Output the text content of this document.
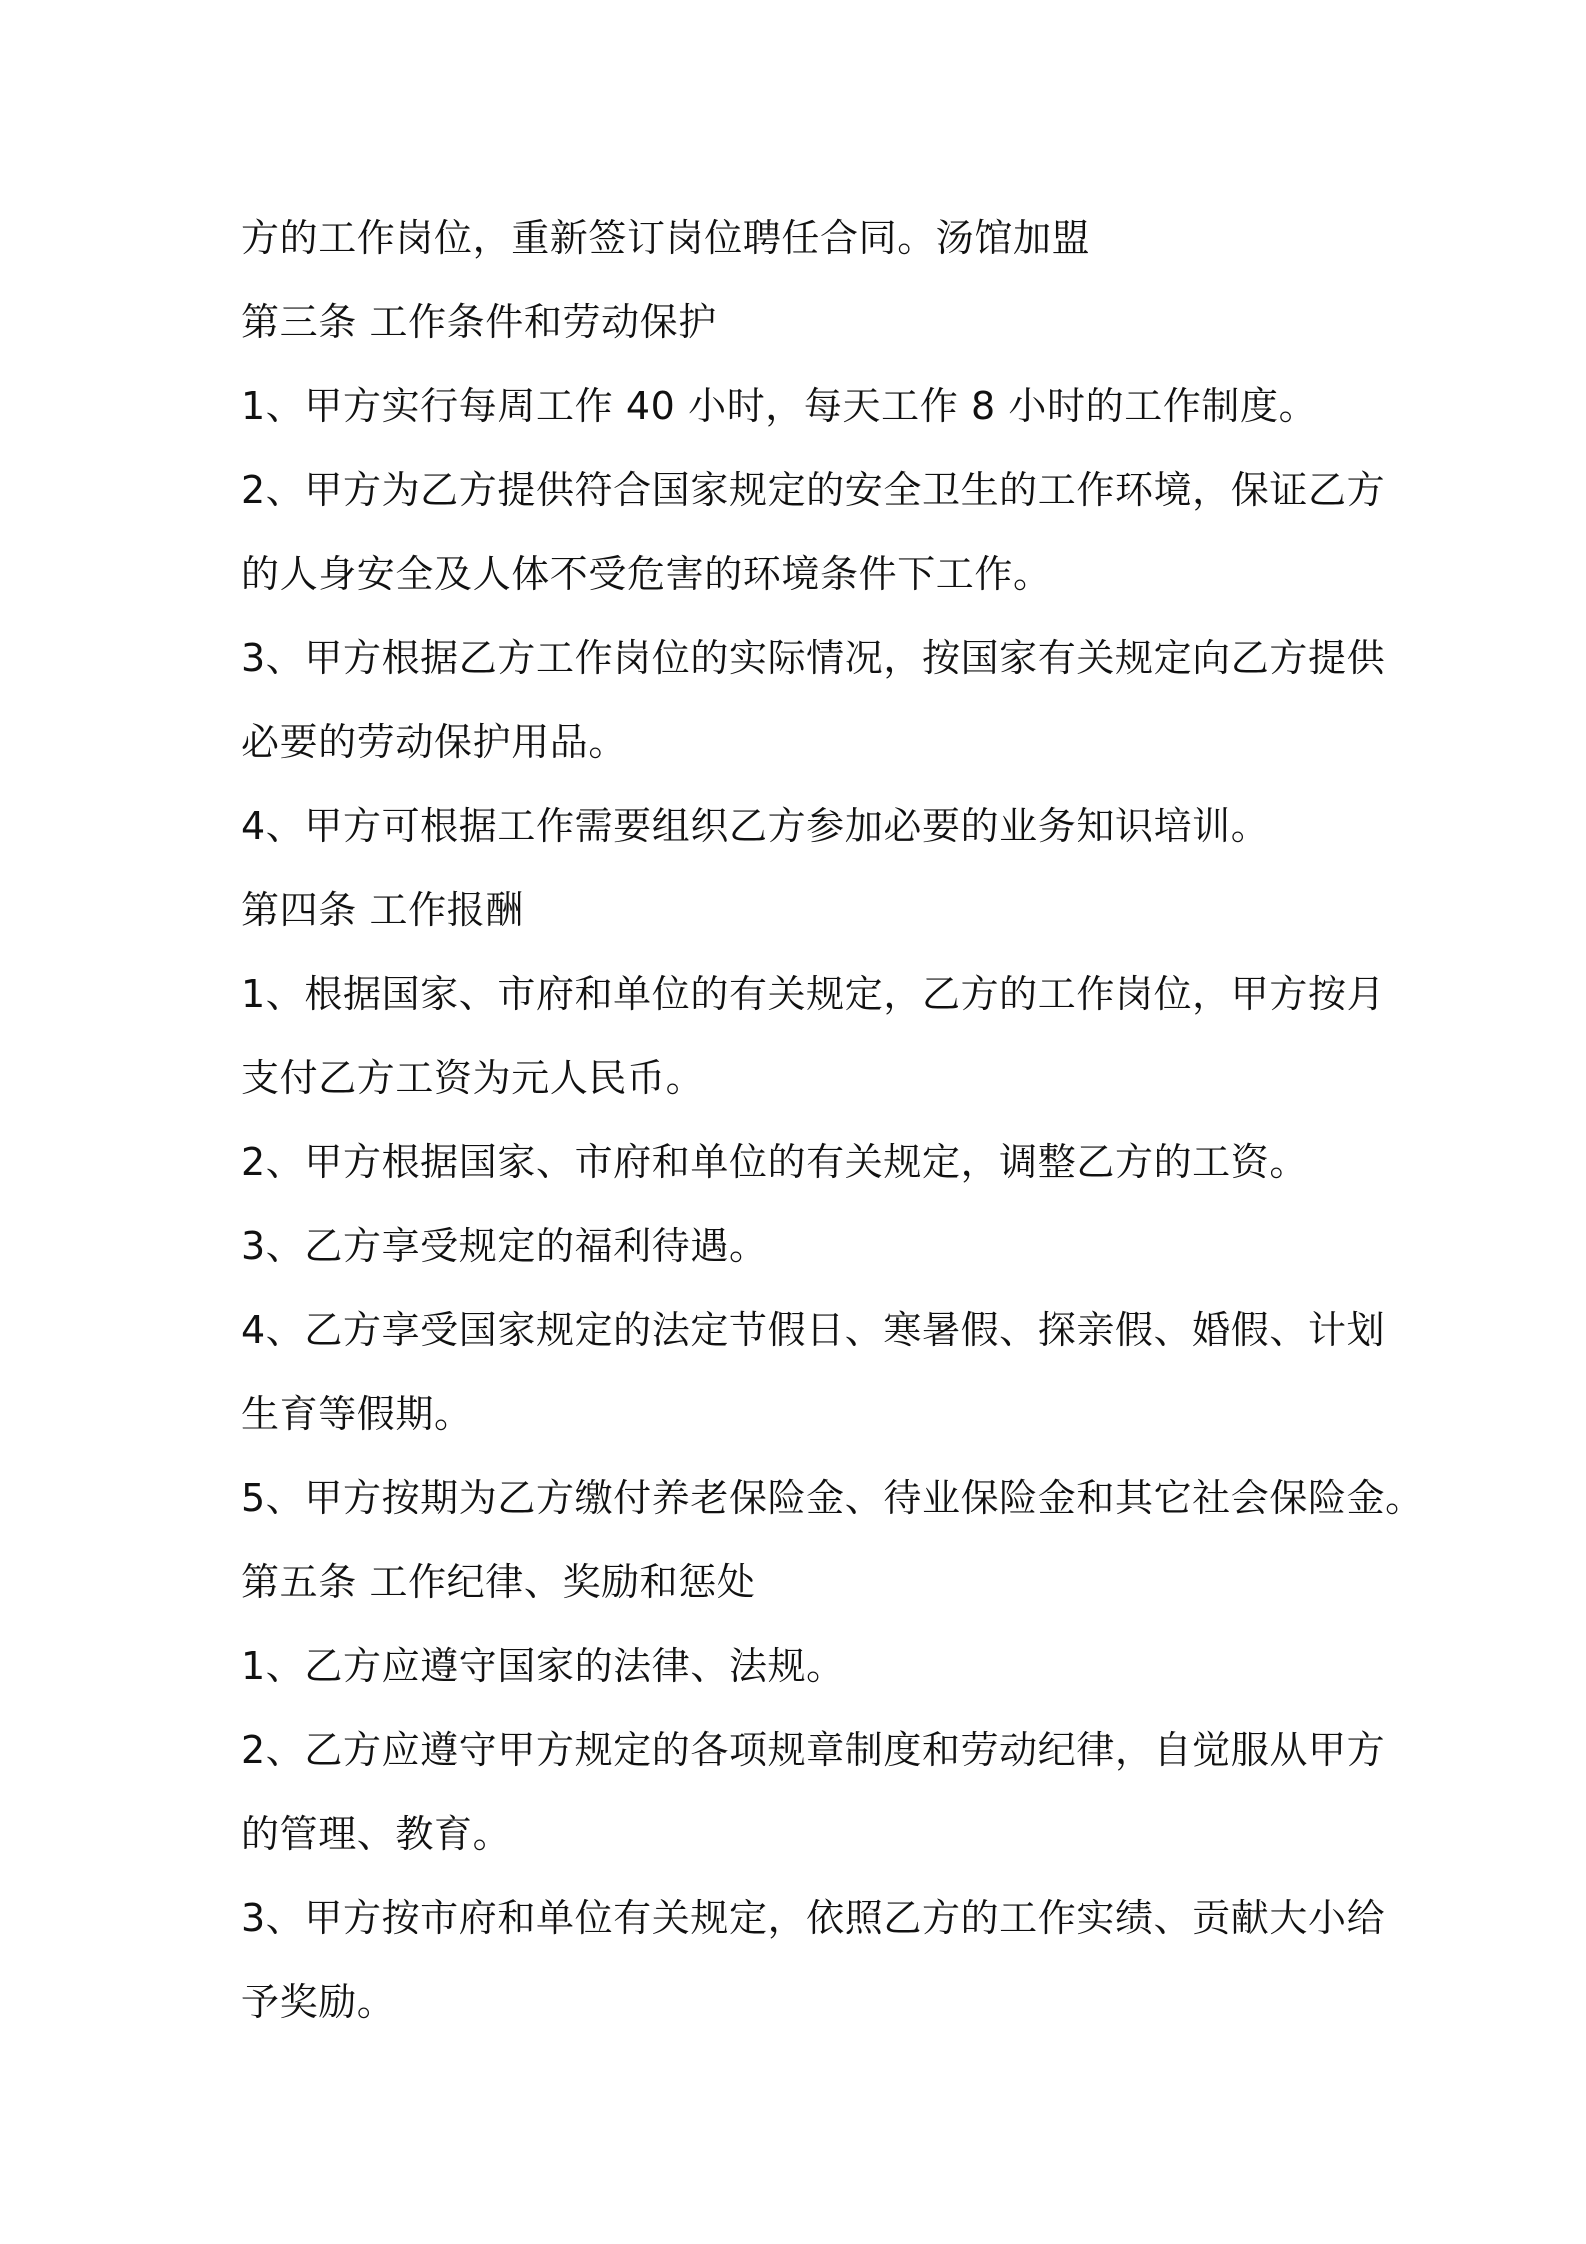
方的工作岗位，重新签订岗位聘任合同。汤馆加盟
第三条 工作条件和劳动保护
1、甲方实行每周工作 40 小时，每天工作 8 小时的工作制度。
2、甲方为乙方提供符合国家规定的安全卫生的工作环境，保证乙方
的人身安全及人体不受危害的环境条件下工作。
3、甲方根据乙方工作岗位的实际情况，按国家有关规定向乙方提供
必要的劳动保护用品。
4、甲方可根据工作需要组织乙方参加必要的业务知识培训。
第四条 工作报酬
1、根据国家、市府和单位的有关规定，乙方的工作岗位，甲方按月
支付乙方工资为元人民币。
2、甲方根据国家、市府和单位的有关规定，调整乙方的工资。
3、乙方享受规定的福利待遇。
4、乙方享受国家规定的法定节假日、寒暑假、探亲假、婚假、计划
生育等假期。
5、甲方按期为乙方缴付养老保险金、待业保险金和其它社会保险金。
第五条 工作纪律、奖励和惩处
1、乙方应遵守国家的法律、法规。
2、乙方应遵守甲方规定的各项规章制度和劳动纪律，自觉服从甲方
的管理、教育。
3、甲方按市府和单位有关规定，依照乙方的工作实绩、贡献大小给
予奖励。
